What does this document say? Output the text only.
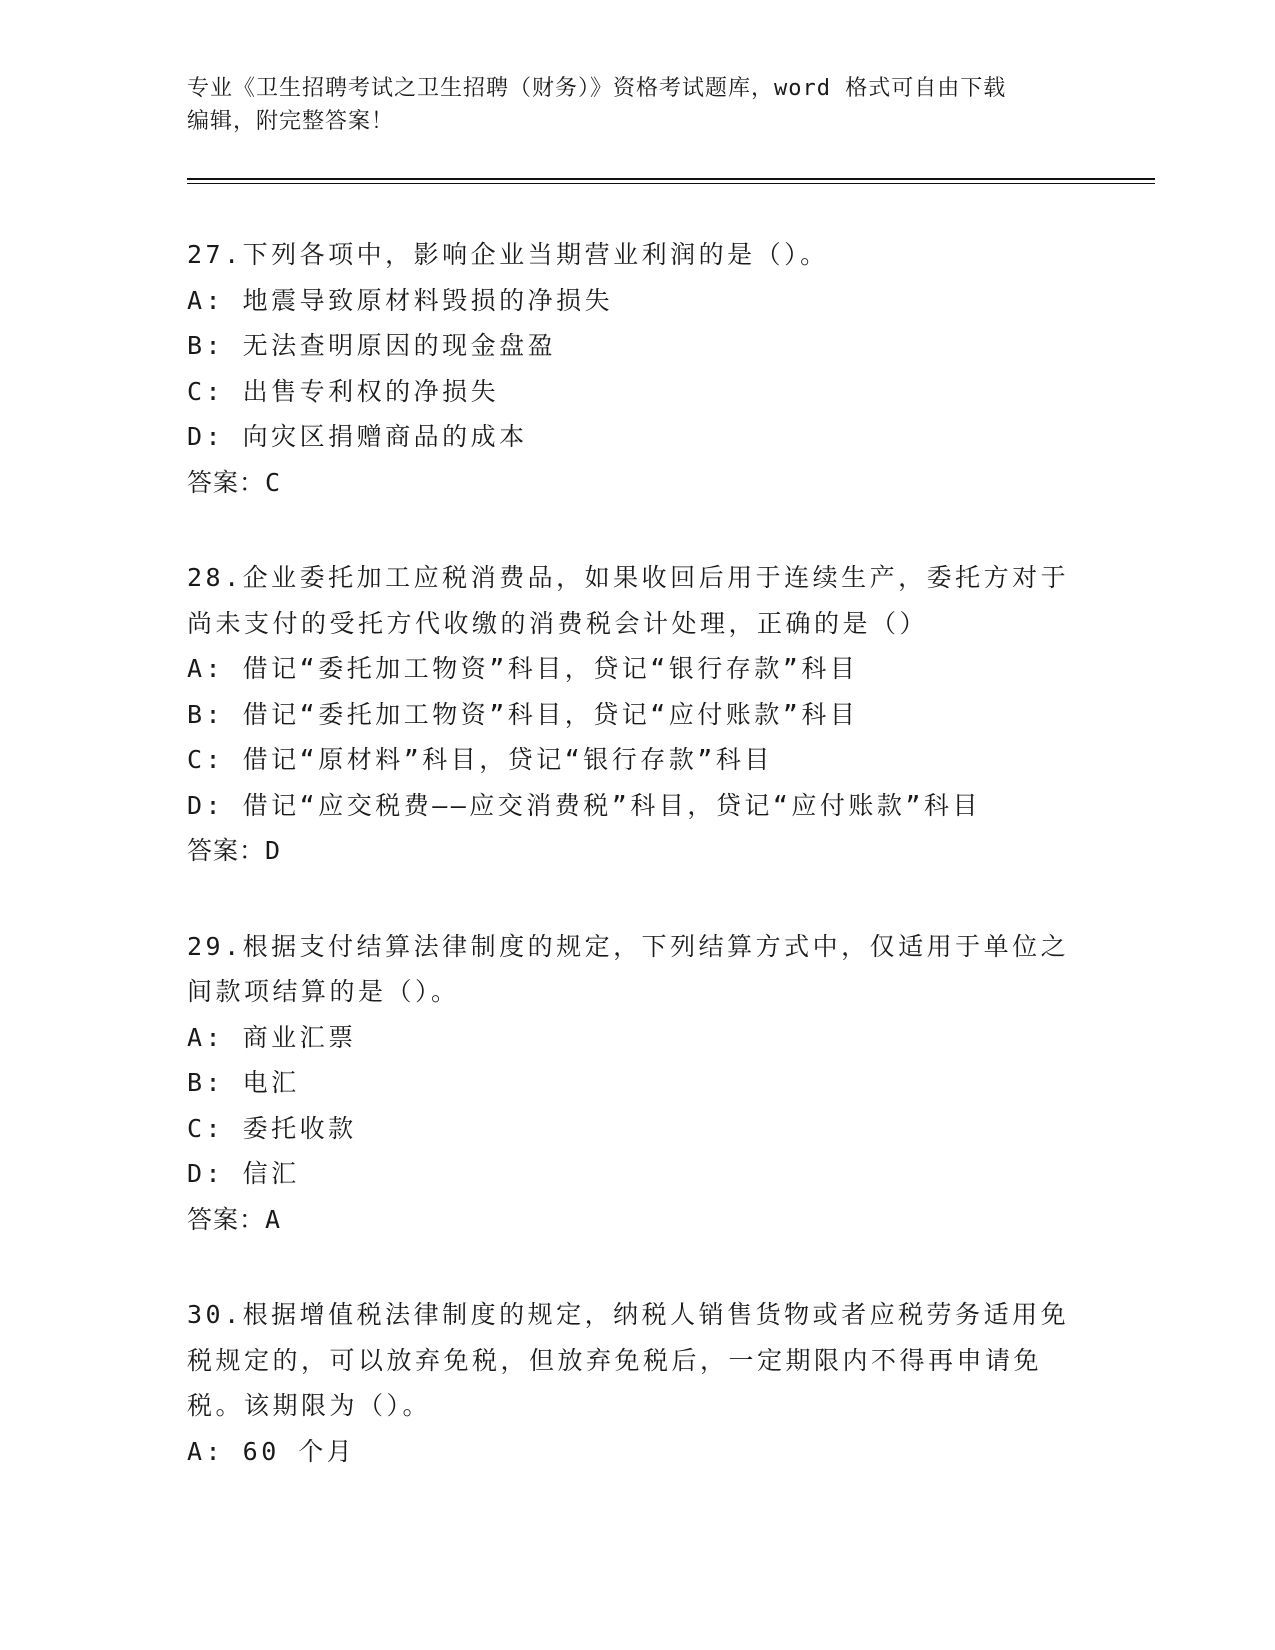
专业《卫生招聘考试之卫生招聘（财务）》资格考试题库，word 格式可自由下载
编辑，附完整答案！
27.下列各项中，影响企业当期营业利润的是（）。
A: 地震导致原材料毁损的净损失
B: 无法查明原因的现金盘盈
C: 出售专利权的净损失
D: 向灾区捐赠商品的成本
答案：C
28.企业委托加工应税消费品，如果收回后用于连续生产，委托方对于
尚未支付的受托方代收缴的消费税会计处理，正确的是（）
A: 借记“委托加工物资”科目，贷记“银行存款”科目
B: 借记“委托加工物资”科目，贷记“应付账款”科目
C: 借记“原材料”科目，贷记“银行存款”科目
D: 借记“应交税费——应交消费税”科目，贷记“应付账款”科目
答案：D
29.根据支付结算法律制度的规定，下列结算方式中，仅适用于单位之
间款项结算的是（）。
A: 商业汇票
B: 电汇
C: 委托收款
D: 信汇
答案：A
30.根据增值税法律制度的规定，纳税人销售货物或者应税劳务适用免
税规定的，可以放弃免税，但放弃免税后，一定期限内不得再申请免
税。该期限为（）。
A: 60 个月
